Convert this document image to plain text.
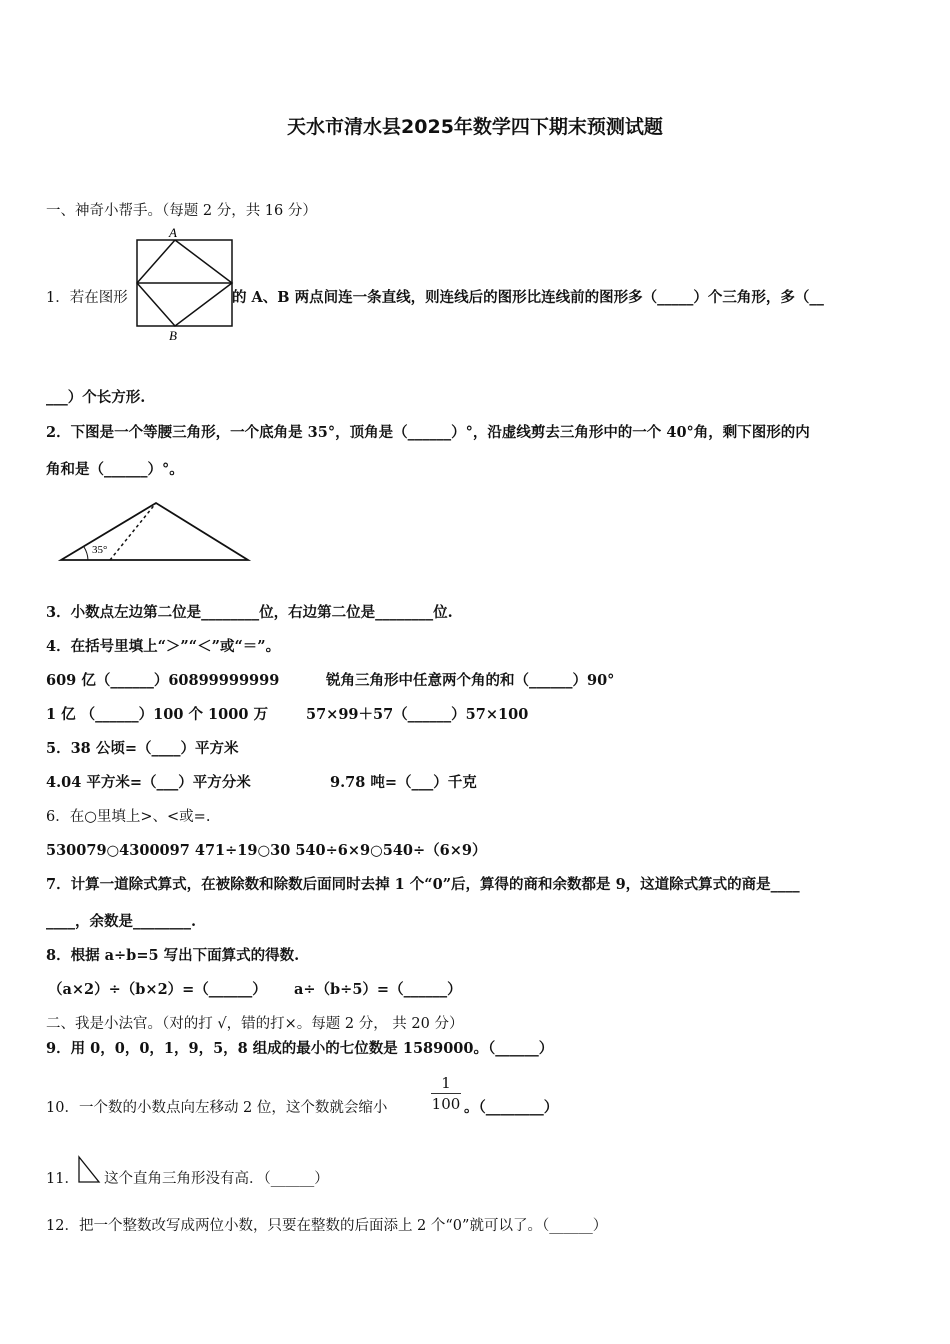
天水市清水县2025年数学四下期末预测试题
一、神奇小帮手。（每题 2 分，共 16 分）
1．若在图形
A
B
的 A、B 两点间连一条直线，则连线后的图形比连线前的图形多（_____）个三角形，多（__
___）个长方形.
2．下图是一个等腰三角形，一个底角是 35°，顶角是（______）°，沿虚线剪去三角形中的一个 40°角，剩下图形的内
角和是（______）°。
35°
3．小数点左边第二位是________位，右边第二位是________位.
4．在括号里填上“＞”“＜”或“＝”。
609 亿（______）60899999999	锐角三角形中任意两个角的和（______）90°
1 亿 （______）100 个 1000 万	57×99＋57（______）57×100
5．38 公顷=（____）平方米
4.04 平方米=（___）平方分米	9.78 吨=（___）千克
6．在○里填上>、<或=.
530079○4300097 471÷19○30 540÷6×9○540÷（6×9）
7．计算一道除式算式，在被除数和除数后面同时去掉 1 个“0”后，算得的商和余数都是 9，这道除式算式的商是____
____，余数是________.
8．根据 a÷b=5 写出下面算式的得数.
（a×2）÷（b×2）=（______） a÷（b÷5）=（______）
二、我是小法官。（对的打 √，错的打×。每题 2 分， 共 20 分）
9．用 0，0，0，1，9，5，8 组成的最小的七位数是 1589000。（______）
10．一个数的小数点向左移动 2 位，这个数就会缩小	$\frac{1}{100}$ 。（________）
11． 这个直角三角形没有高．（______）
12．把一个整数改写成两位小数，只要在整数的后面添上 2 个“0”就可以了。（______）
